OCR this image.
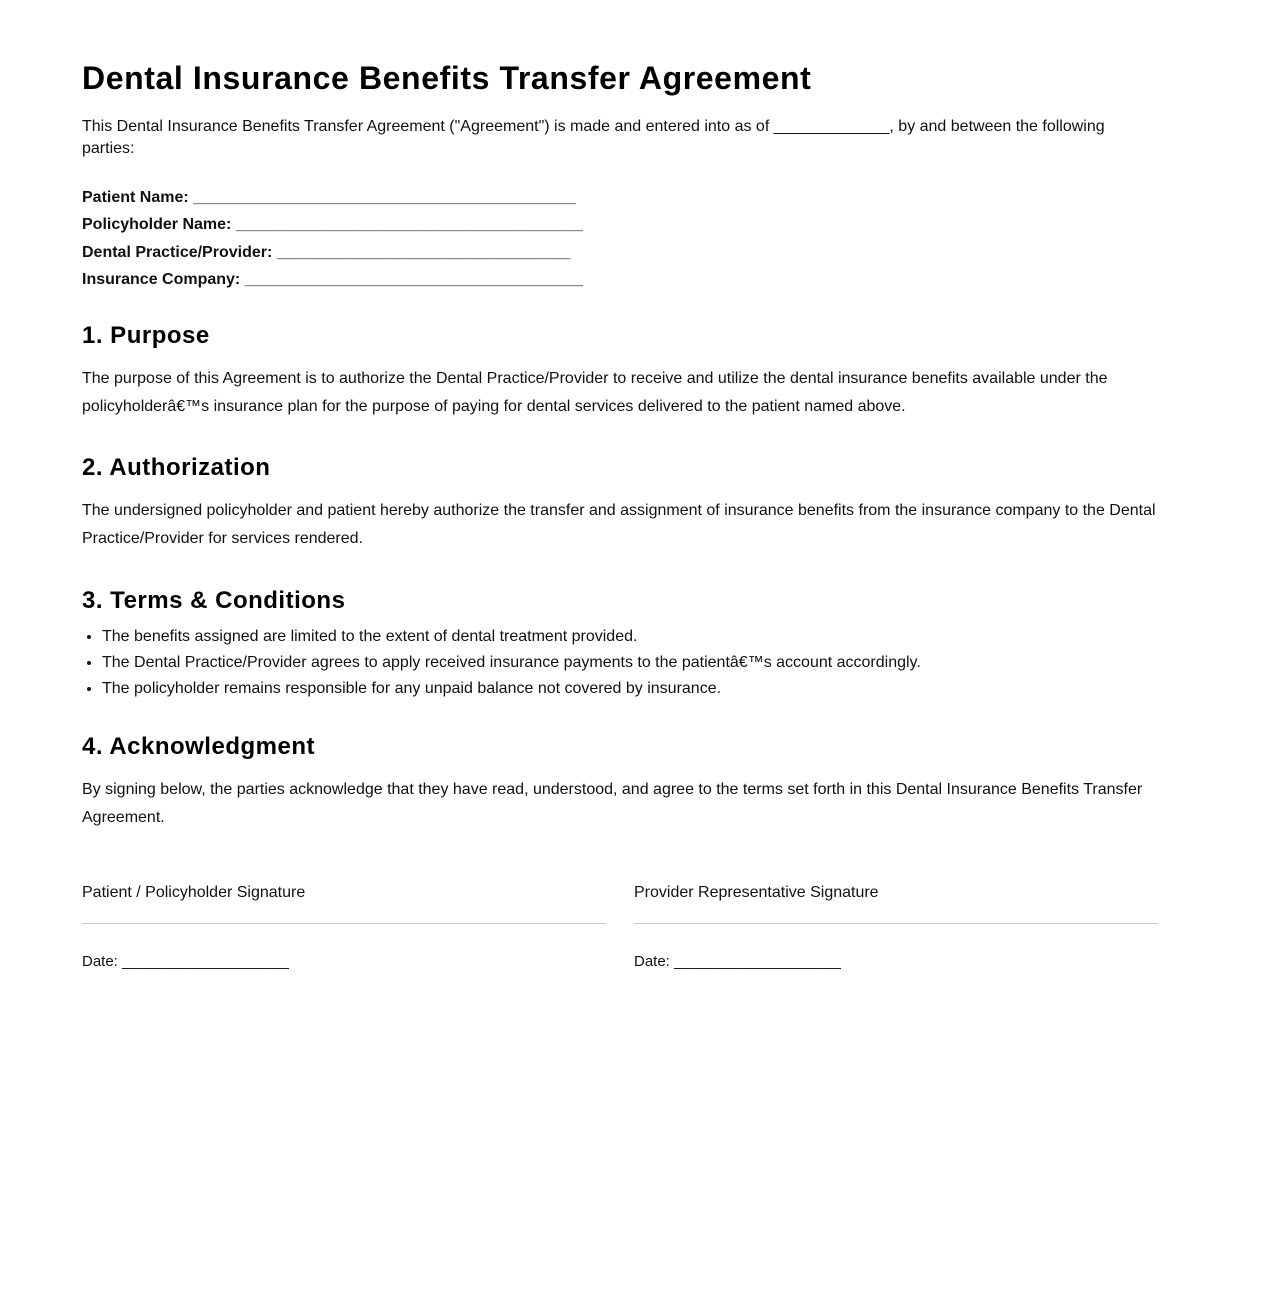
Dental Insurance Benefits Transfer Agreement
This Dental Insurance Benefits Transfer Agreement ("Agreement") is made and entered into as of _____________, by and between the following parties:
Patient Name: ___________________________________________
Policyholder Name: _______________________________________
Dental Practice/Provider: _________________________________
Insurance Company: ______________________________________
1. Purpose
The purpose of this Agreement is to authorize the Dental Practice/Provider to receive and utilize the dental insurance benefits available under the policyholderâ€™s insurance plan for the purpose of paying for dental services delivered to the patient named above.
2. Authorization
The undersigned policyholder and patient hereby authorize the transfer and assignment of insurance benefits from the insurance company to the Dental Practice/Provider for services rendered.
3. Terms & Conditions
• The benefits assigned are limited to the extent of dental treatment provided.
• The Dental Practice/Provider agrees to apply received insurance payments to the patientâ€™s account accordingly.
• The policyholder remains responsible for any unpaid balance not covered by insurance.
4. Acknowledgment
By signing below, the parties acknowledge that they have read, understood, and agree to the terms set forth in this Dental Insurance Benefits Transfer Agreement.
Patient / Policyholder Signature
Date: ____________________
Provider Representative Signature
Date: ____________________
